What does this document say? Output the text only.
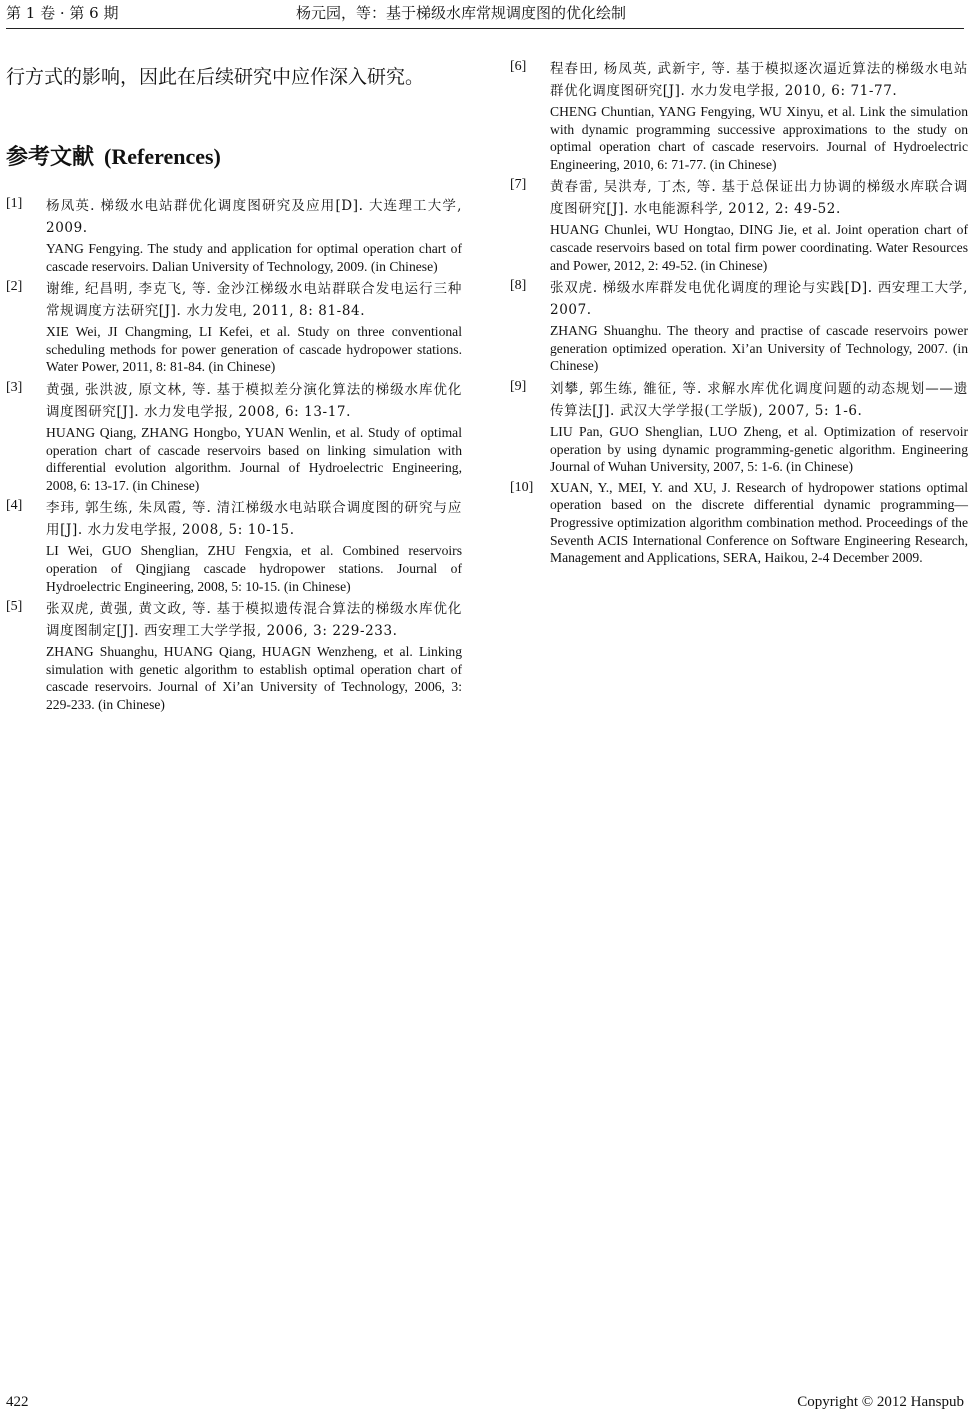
第 1 卷 · 第 6 期	杨元园，等：基于梯级水库常规调度图的优化绘制

行方式的影响，因此在后续研究中应作深入研究。

参考文献 (References)
[1] 杨凤英. 梯级水电站群优化调度图研究及应用[D]. 大连理工大学, 2009.

YANG Fengying. The study and application for optimal operation chart of cascade reservoirs. Dalian University of Technology, 2009. (in Chinese)

[2] 谢维, 纪昌明, 李克飞, 等. 金沙江梯级水电站群联合发电运行三种常规调度方法研究[J]. 水力发电, 2011, 8: 81-84.

XIE Wei, JI Changming, LI Kefei, et al. Study on three conventional scheduling methods for power generation of cascade hydropower stations. Water Power, 2011, 8: 81-84. (in Chinese)

[3] 黄强, 张洪波, 原文林, 等. 基于模拟差分演化算法的梯级水库优化调度图研究[J]. 水力发电学报, 2008, 6: 13-17.

HUANG Qiang, ZHANG Hongbo, YUAN Wenlin, et al. Study of optimal operation chart of cascade reservoirs based on linking simulation with differential evolution algorithm. Journal of Hydroelectric Engineering, 2008, 6: 13-17. (in Chinese)

[4] 李玮, 郭生练, 朱凤霞, 等. 清江梯级水电站联合调度图的研究与应用[J]. 水力发电学报, 2008, 5: 10-15.

LI Wei, GUO Shenglian, ZHU Fengxia, et al. Combined reservoirs operation of Qingjiang cascade hydropower stations. Journal of Hydroelectric Engineering, 2008, 5: 10-15. (in Chinese)

[5] 张双虎, 黄强, 黄文政, 等. 基于模拟遗传混合算法的梯级水库优化调度图制定[J]. 西安理工大学学报, 2006, 3: 229-233.

ZHANG Shuanghu, HUANG Qiang, HUAGN Wenzheng, et al. Linking simulation with genetic algorithm to establish optimal operation chart of cascade reservoirs. Journal of Xi’an University of Technology, 2006, 3: 229-233. (in Chinese)

[6] 程春田, 杨凤英, 武新宇, 等. 基于模拟逐次逼近算法的梯级水电站群优化调度图研究[J]. 水力发电学报, 2010, 6: 71-77.

CHENG Chuntian, YANG Fengying, WU Xinyu, et al. Link the simulation with dynamic programming successive approximations to the study on optimal operation chart of cascade reservoirs. Journal of Hydroelectric Engineering, 2010, 6: 71-77. (in Chinese)

[7] 黄春雷, 吴洪寿, 丁杰, 等. 基于总保证出力协调的梯级水库联合调度图研究[J]. 水电能源科学, 2012, 2: 49-52.

HUANG Chunlei, WU Hongtao, DING Jie, et al. Joint operation chart of cascade reservoirs based on total firm power coordinating. Water Resources and Power, 2012, 2: 49-52. (in Chinese)

[8] 张双虎. 梯级水库群发电优化调度的理论与实践[D]. 西安理工大学, 2007.

ZHANG Shuanghu. The theory and practise of cascade reservoirs power generation optimized operation. Xi’an University of Technology, 2007. (in Chinese)

[9] 刘攀, 郭生练, 雒征, 等. 求解水库优化调度问题的动态规划——遗传算法[J]. 武汉大学学报(工学版), 2007, 5: 1-6.

LIU Pan, GUO Shenglian, LUO Zheng, et al. Optimization of reservoir operation by using dynamic programming-genetic algorithm. Engineering Journal of Wuhan University, 2007, 5: 1-6. (in Chinese)

[10] XUAN, Y., MEI, Y. and XU, J. Research of hydropower stations optimal operation based on the discrete differential dynamic programming—Progressive optimization algorithm combination method. Proceedings of the Seventh ACIS International Conference on Software Engineering Research, Management and Applications, SERA, Haikou, 2-4 December 2009.

422	Copyright © 2012 Hanspub
